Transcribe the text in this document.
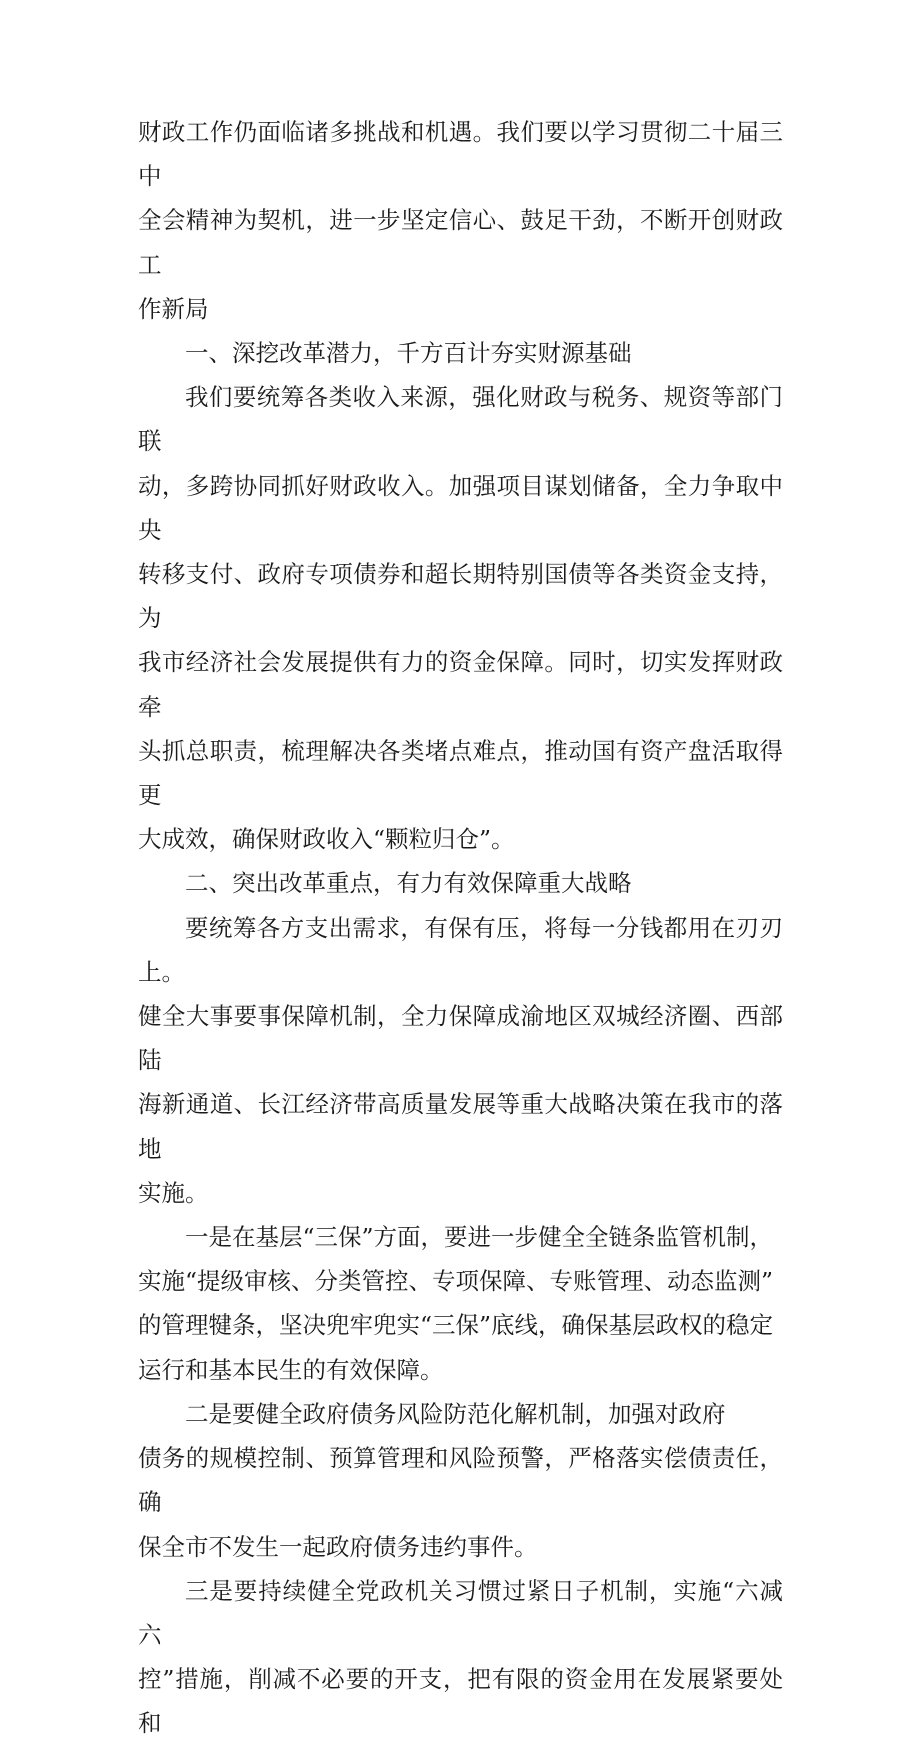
财政工作仍面临诸多挑战和机遇。我们要以学习贯彻二十届三中
全会精神为契机，进一步坚定信心、鼓足干劲，不断开创财政工
作新局

一、深挖改革潜力，千方百计夯实财源基础

我们要统筹各类收入来源，强化财政与税务、规资等部门联
动，多跨协同抓好财政收入。加强项目谋划储备，全力争取中央
转移支付、政府专项债券和超长期特别国债等各类资金支持，为
我市经济社会发展提供有力的资金保障。同时，切实发挥财政牵
头抓总职责，梳理解决各类堵点难点，推动国有资产盘活取得更
大成效，确保财政收入“颗粒归仓”。

二、突出改革重点，有力有效保障重大战略

要统筹各方支出需求，有保有压，将每一分钱都用在刃刃上。
健全大事要事保障机制，全力保障成渝地区双城经济圈、西部陆
海新通道、长江经济带高质量发展等重大战略决策在我市的落地
实施。

一是在基层“三保”方面，要进一步健全全链条监管机制，
实施“提级审核、分类管控、专项保障、专账管理、动态监测”
的管理犍条，坚决兜牢兜实“三保”底线，确保基层政权的稳定
运行和基本民生的有效保障。

二是要健全政府债务风险防范化解机制，加强对政府
债务的规模控制、预算管理和风险预警，严格落实偿债责任，确
保全市不发生一起政府债务违约事件。

三是要持续健全党政机关习惯过紧日子机制，实施“六减六
控”措施，削减不必要的开支，把有限的资金用在发展紧要处和
